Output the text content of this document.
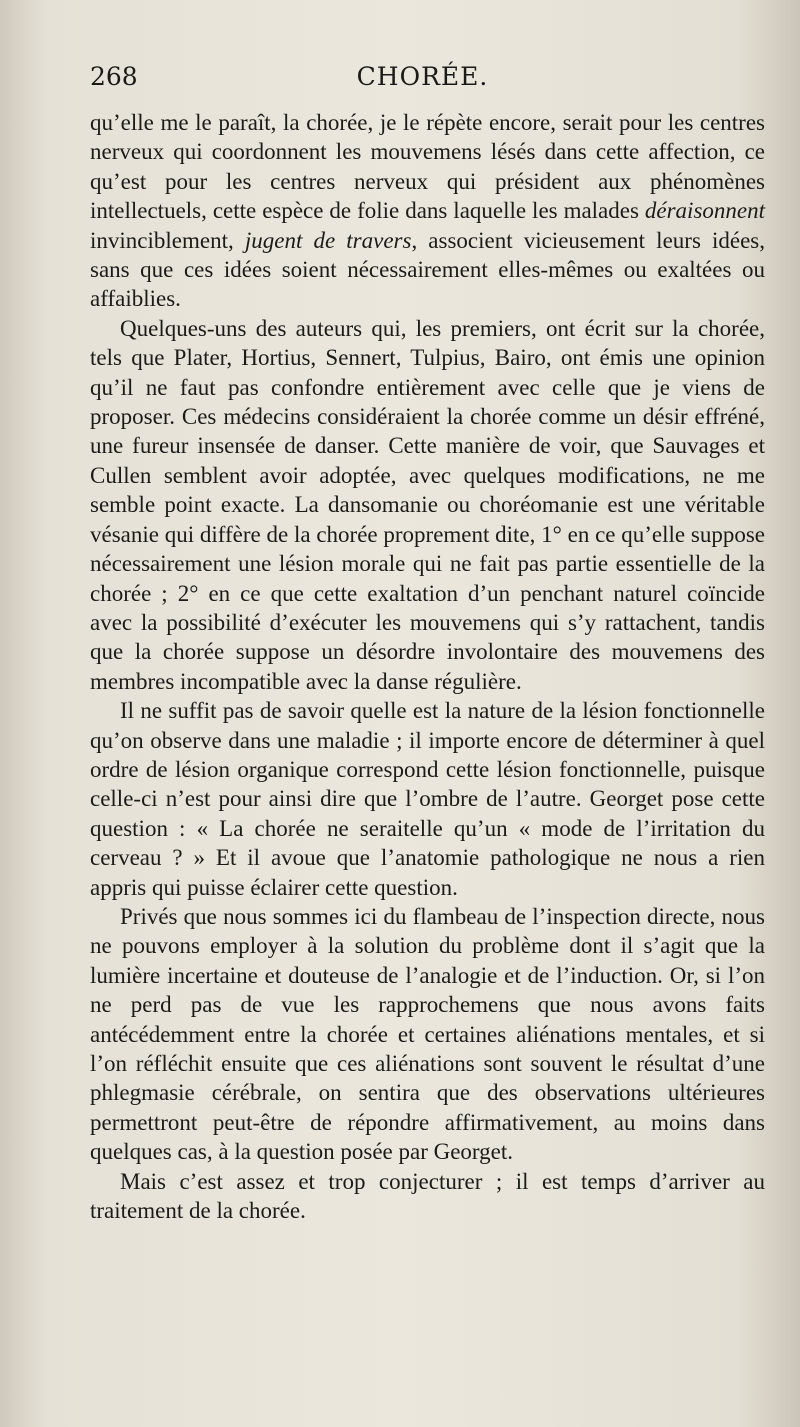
268	CHORÉE.

qu’elle me le paraît, la chorée, je le répète encore, serait pour les centres nerveux qui coordonnent les mouvemens lésés dans cette affection, ce qu’est pour les centres nerveux qui président aux phénomènes intellectuels, cette espèce de folie dans laquelle les malades déraisonnent invinciblement, jugent de travers, associent vicieusement leurs idées, sans que ces idées soient nécessairement elles-mêmes ou exaltées ou affaiblies.

Quelques-uns des auteurs qui, les premiers, ont écrit sur la chorée, tels que Plater, Hortius, Sennert, Tulpius, Bairo, ont émis une opinion qu’il ne faut pas confondre entièrement avec celle que je viens de proposer. Ces médecins considéraient la chorée comme un désir effréné, une fureur insensée de danser. Cette manière de voir, que Sauvages et Cullen semblent avoir adoptée, avec quelques modifications, ne me semble point exacte. La dansomanie ou choréomanie est une véritable vésanie qui diffère de la chorée proprement dite, 1° en ce qu’elle suppose nécessairement une lésion morale qui ne fait pas partie essentielle de la chorée ; 2° en ce que cette exaltation d’un penchant naturel coïncide avec la possibilité d’exécuter les mouvemens qui s’y rattachent, tandis que la chorée suppose un désordre involontaire des mouvemens des membres incompatible avec la danse régulière.

Il ne suffit pas de savoir quelle est la nature de la lésion fonctionnelle qu’on observe dans une maladie ; il importe encore de déterminer à quel ordre de lésion organique correspond cette lésion fonctionnelle, puisque celle-ci n’est pour ainsi dire que l’ombre de l’autre. Georget pose cette question : « La chorée ne seraitelle qu’un « mode de l’irritation du cerveau ? » Et il avoue que l’anatomie pathologique ne nous a rien appris qui puisse éclairer cette question.

Privés que nous sommes ici du flambeau de l’inspection directe, nous ne pouvons employer à la solution du problème dont il s’agit que la lumière incertaine et douteuse de l’analogie et de l’induction. Or, si l’on ne perd pas de vue les rapprochemens que nous avons faits antécédemment entre la chorée et certaines aliénations mentales, et si l’on réfléchit ensuite que ces aliénations sont souvent le résultat d’une phlegmasie cérébrale, on sentira que des observations ultérieures permettront peut-être de répondre affirmativement, au moins dans quelques cas, à la question posée par Georget.

Mais c’est assez et trop conjecturer ; il est temps d’arriver au traitement de la chorée.
